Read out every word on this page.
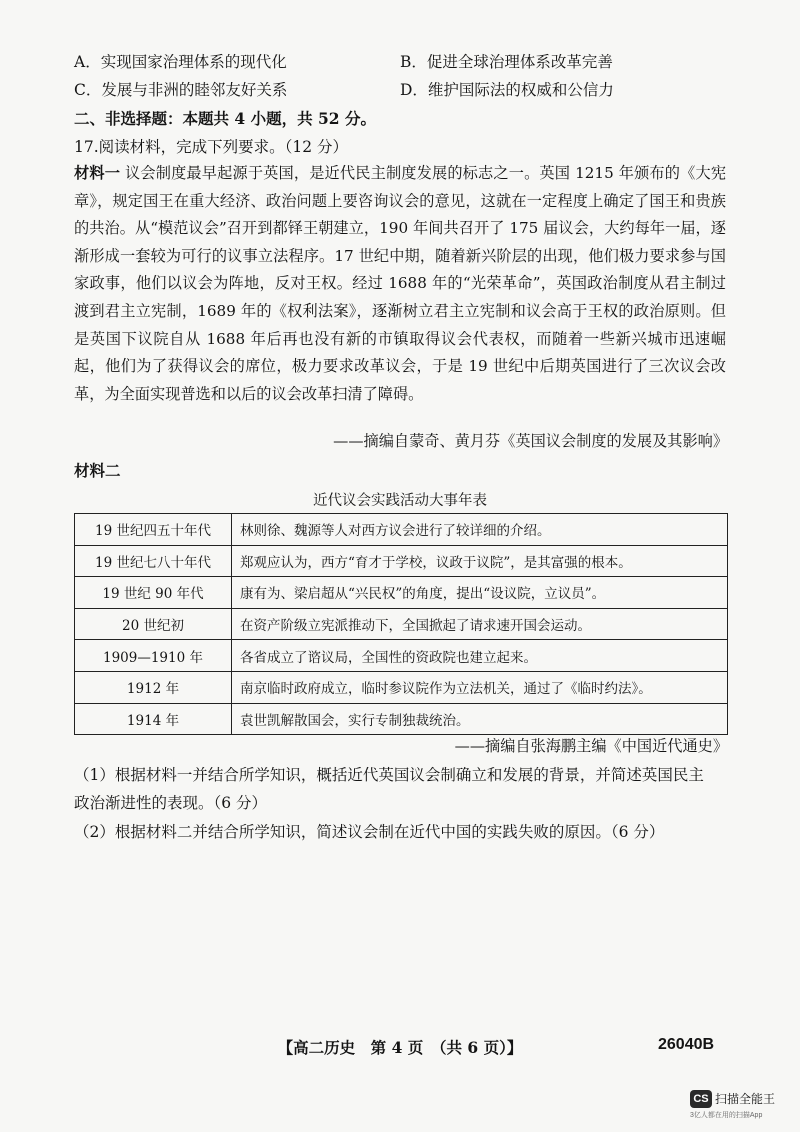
A．实现国家治理体系的现代化	B．促进全球治理体系改革完善
C．发展与非洲的睦邻友好关系	D．维护国际法的权威和公信力
二、非选择题：本题共 4 小题，共 52 分。
17.阅读材料，完成下列要求。（12 分）
材料一 议会制度最早起源于英国，是近代民主制度发展的标志之一。英国 1215 年颁布的《大宪章》，规定国王在重大经济、政治问题上要咨询议会的意见，这就在一定程度上确定了国王和贵族的共治。从“模范议会”召开到都铎王朝建立，190 年间共召开了 175 届议会，大约每年一届，逐渐形成一套较为可行的议事立法程序。17 世纪中期，随着新兴阶层的出现，他们极力要求参与国家政事，他们以议会为阵地，反对王权。经过 1688 年的“光荣革命”，英国政治制度从君主制过渡到君主立宪制，1689 年的《权利法案》，逐渐树立君主立宪制和议会高于王权的政治原则。但是英国下议院自从 1688 年后再也没有新的市镇取得议会代表权，而随着一些新兴城市迅速崛起，他们为了获得议会的席位，极力要求改革议会，于是 19 世纪中后期英国进行了三次议会改革，为全面实现普选和以后的议会改革扫清了障碍。
——摘编自蒙奇、黄月芬《英国议会制度的发展及其影响》
材料二
近代议会实践活动大事年表
19 世纪四五十年代	林则徐、魏源等人对西方议会进行了较详细的介绍。
19 世纪七八十年代	郑观应认为，西方“育才于学校，议政于议院”，是其富强的根本。
19 世纪 90 年代	康有为、梁启超从“兴民权”的角度，提出“设议院，立议员”。
20 世纪初	在资产阶级立宪派推动下，全国掀起了请求速开国会运动。
1909—1910 年	各省成立了谘议局，全国性的资政院也建立起来。
1912 年	南京临时政府成立，临时参议院作为立法机关，通过了《临时约法》。
1914 年	袁世凯解散国会，实行专制独裁统治。
——摘编自张海鹏主编《中国近代通史》
（1）根据材料一并结合所学知识，概括近代英国议会制确立和发展的背景，并简述英国民主
政治渐进性的表现。（6 分）
（2）根据材料二并结合所学知识，简述议会制在近代中国的实践失败的原因。（6 分）
【高二历史　第 4 页　（共 6 页）】	26040B
CS 扫描全能王
3亿人都在用的扫描App
